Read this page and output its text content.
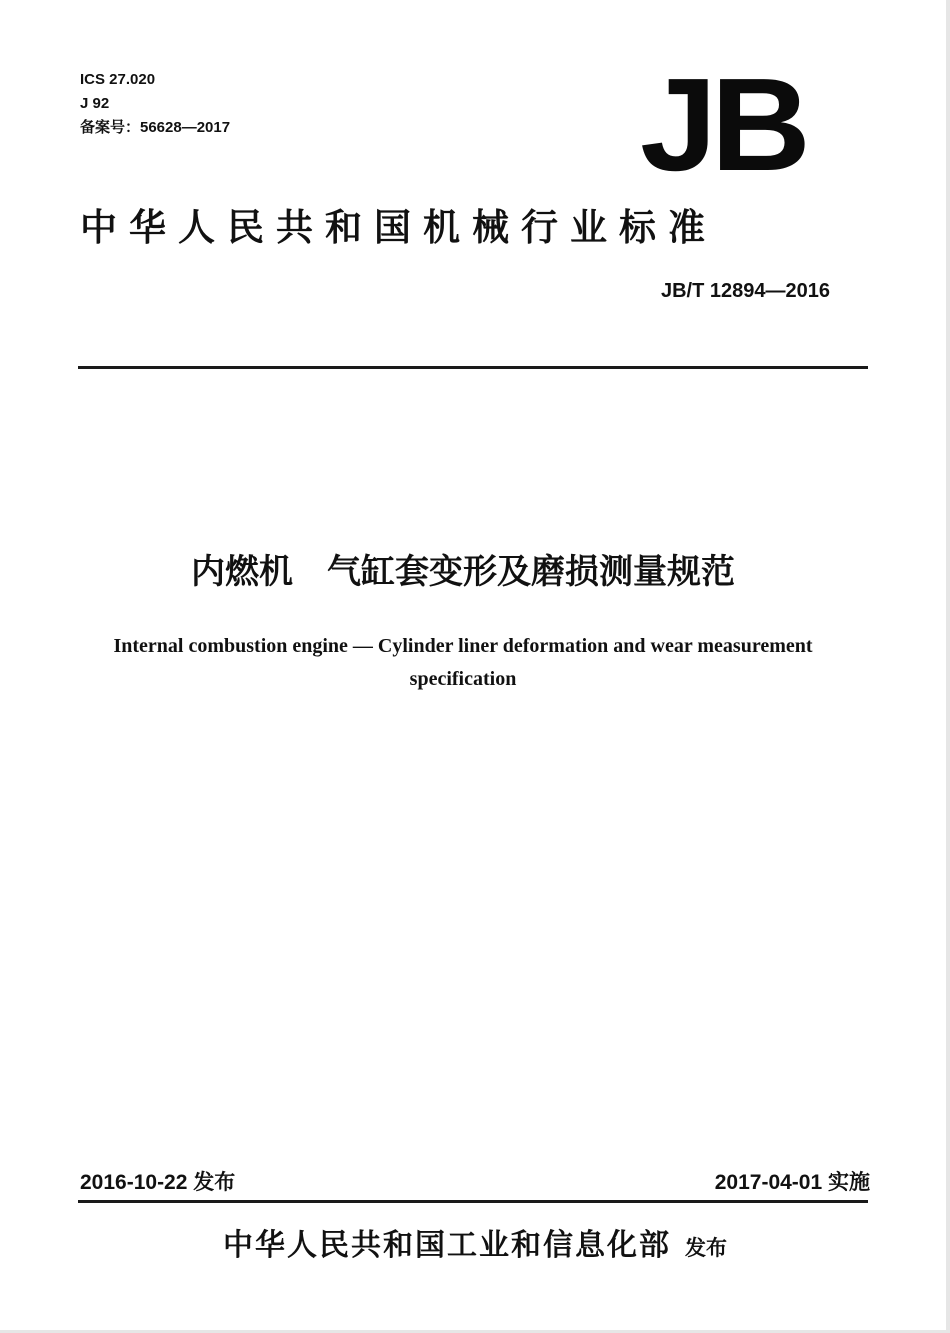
ICS 27.020
J 92
备案号：56628—2017	JB
中华人民共和国机械行业标准
JB/T 12894—2016
内燃机　气缸套变形及磨损测量规范
Internal combustion engine — Cylinder liner deformation and wear measurement specification
2016-10-22 发布	2017-04-01 实施
中华人民共和国工业和信息化部 发布
